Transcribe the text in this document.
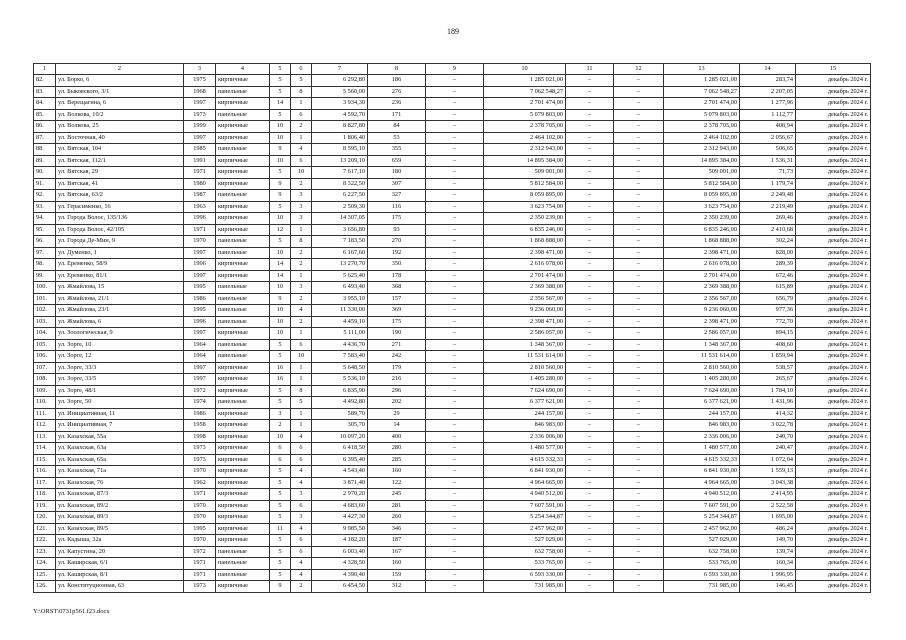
189
1	2	3	4	5	6	7	8	9	10	11	12	13	14	15
82.	ул. Борко, 6	1975	кирпичные	5	5	6 292,80	186	–	1 285 021,00	–	–	1 285 021,00	283,74	декабрь 2024 г.
83.	ул. Быковского, 3/1	1968	панельные	5	8	5 560,00	276	–	7 062 548,27	–	–	7 062 548,27	2 207,05	декабрь 2024 г.
84.	ул. Верещагина, 6	1997	кирпичные	14	1	3 934,30	236	–	2 701 474,00	–	–	2 701 474,00	1 277,96	декабрь 2024 г.
85.	ул. Волкова, 10/2	1973	панельные	5	6	4 592,70	171	–	5 079 803,00	–	–	5 079 803,00	1 112,77	декабрь 2024 г.
86.	ул. Волкова, 25	1999	кирпичные	10	2	8 827,80	84	–	2 378 705,00	–	–	2 378 705,00	408,94	декабрь 2024 г.
87.	ул. Восточная, 40	1997	кирпичные	10	1	1 806,40	53	–	2 464 102,00	–	–	2 464 102,00	2 056,67	декабрь 2024 г.
88.	ул. Вятская, 104	1985	панельные	9	4	8 595,10	355	–	2 312 943,00	–	–	2 312 943,00	506,65	декабрь 2024 г.
89.	ул. Вятская, 112/1	1991	кирпичные	10	6	13 209,10	659	–	14 895 384,00	–	–	14 895 384,00	1 536,31	декабрь 2024 г.
90.	ул. Вятская, 29	1971	кирпичные	5	10	7 617,10	180	–	509 001,00	–	–	509 001,00	71,73	декабрь 2024 г.
91.	ул. Вятская, 41	1980	кирпичные	9	2	8 322,50	307	–	5 812 584,00	–	–	5 812 584,00	1 179,74	декабрь 2024 г.
92.	ул. Вятская, 63/2	1987	панельные	9	3	6 227,50	327	–	8 059 895,00	–	–	8 059 895,00	2 249,48	декабрь 2024 г.
93.	ул. Герасименко, 16	1963	кирпичные	5	3	2 509,30	116	–	3 623 754,00	–	–	3 623 754,00	2 219,49	декабрь 2024 г.
94.	ул. Города Волос, 135/136	1996	кирпичные	10	3	14 307,05	175	–	2 350 239,00	–	–	2 350 239,00	269,46	декабрь 2024 г.
95.	ул. Города Волос, 42/105	1971	кирпичные	12	1	3 656,80	93	–	6 835 246,00	–	–	6 835 246,00	2 410,68	декабрь 2024 г.
96.	ул. Города Де-Мин, 9	1970	панельные	5	8	7 183,50	270	–	1 868 888,00	–	–	1 868 888,00	302,24	декабрь 2024 г.
97.	ул. Думенко, 1	1997	панельные	10	2	6 167,60	192	–	2 398 471,00	–	–	2 398 471,00	828,00	декабрь 2024 г.
98.	ул. Еременко, 58/9	1996	кирпичные	14	2	13 270,70	350	–	2 616 078,00	–	–	2 616 078,00	289,39	декабрь 2024 г.
99.	ул. Еременко, 81/1	1997	кирпичные	14	1	5 625,40	178	–	2 701 474,00	–	–	2 701 474,00	672,46	декабрь 2024 г.
100.	ул. Жмайлова, 15	1995	панельные	10	3	6 493,40	368	–	2 369 388,00	–	–	2 369 388,00	615,89	декабрь 2024 г.
101.	ул. Жмайлова, 21/1	1986	панельные	9	2	3 955,10	157	–	2 356 567,00	–	–	2 356 567,00	656,79	декабрь 2024 г.
102.	ул. Жмайлова, 23/1	1995	панельные	10	4	11 330,00	369	–	9 236 060,00	–	–	9 236 060,00	977,36	декабрь 2024 г.
103.	ул. Жмайлова, 6	1996	панельные	10	2	4 459,10	175	–	2 398 471,00	–	–	2 398 471,00	772,70	декабрь 2024 г.
104.	ул. Зоологическая, 9	1997	кирпичные	10	1	5 111,00	190	–	2 586 057,00	–	–	2 586 057,00	894,15	декабрь 2024 г.
105.	ул. Зорге, 10	1964	панельные	5	6	4 436,70	271	–	1 348 367,00	–	–	1 348 367,00	408,60	декабрь 2024 г.
106.	ул. Зорге, 12	1964	панельные	5	10	7 583,40	242	–	11 531 614,00	–	–	11 531 614,00	1 859,94	декабрь 2024 г.
107.	ул. Зорге, 33/3	1997	кирпичные	16	1	5 648,50	179	–	2 810 560,00	–	–	2 810 560,00	538,57	декабрь 2024 г.
108.	ул. Зорге, 33/5	1997	кирпичные	16	1	5 536,10	216	–	1 405 280,00	–	–	1 405 280,00	265,67	декабрь 2024 г.
109.	ул. Зорге, 48/1	1972	кирпичные	5	8	6 835,90	296	–	7 624 690,00	–	–	7 624 690,00	1 784,10	декабрь 2024 г.
110.	ул. Зорге, 50	1974	панельные	5	5	4 492,80	202	–	6 377 621,00	–	–	6 377 621,00	1 431,96	декабрь 2024 г.
111.	ул. Инициативная, 11	1986	кирпичные	3	1	589,70	29	–	244 157,00	–	–	244 157,00	414,32	декабрь 2024 г.
112.	ул. Инициативная, 7	1958	кирпичные	2	1	305,70	14	–	846 983,00	–	–	846 983,00	3 022,78	декабрь 2024 г.
113.	ул. Казахская, 55а	1998	кирпичные	10	4	10 097,20	400	–	2 336 006,00	–	–	2 336 006,00	240,70	декабрь 2024 г.
114.	ул. Казахская, 63а	1973	кирпичные	6	6	6 418,50	280	–	1 480 577,00	–	–	1 480 577,00	240,47	декабрь 2024 г.
115.	ул. Казахская, 65а	1973	кирпичные	6	6	6 395,40	285	–	4 615 332,33	–	–	4 615 332,33	1 072,04	декабрь 2024 г.
116.	ул. Казахская, 71а	1970	кирпичные	5	4	4 543,40	160	–	6 841 930,00	–	–	6 841 930,00	1 559,13	декабрь 2024 г.
117.	ул. Казахская, 76	1962	кирпичные	5	4	3 871,40	122	–	4 964 665,00	–	–	4 964 665,00	3 043,38	декабрь 2024 г.
118.	ул. Казахская, 87/3	1971	кирпичные	5	3	2 970,20	245	–	4 940 512,00	–	–	4 940 512,00	2 414,95	декабрь 2024 г.
119.	ул. Казахская, 89/2	1970	кирпичные	5	6	4 683,60	281	–	7 607 591,00	–	–	7 607 591,00	2 522,58	декабрь 2024 г.
120.	ул. Казахская, 89/3	1970	кирпичные	5	3	4 427,30	260	–	5 254 344,87	–	–	5 254 344,87	1 695,00	декабрь 2024 г.
121.	ул. Казахская, 89/5	1995	кирпичные	11	4	9 985,50	346	–	2 457 962,00	–	–	2 457 962,00	486,24	декабрь 2024 г.
122.	ул. Кадыша, 32а	1970	кирпичные	5	6	4 182,20	187	–	527 029,00	–	–	527 029,00	149,70	декабрь 2024 г.
123.	ул. Капустина, 20	1972	панельные	5	6	6 003,40	167	–	632 758,00	–	–	632 758,00	139,74	декабрь 2024 г.
124.	ул. Каширская, 6/1	1971	панельные	5	4	4 328,50	160	–	533 765,00	–	–	533 765,00	160,34	декабрь 2024 г.
125.	ул. Каширская, 8/1	1971	панельные	5	4	4 390,40	159	–	6 593 330,00	–	–	6 593 330,00	1 996,95	декабрь 2024 г.
126.	ул. Конституционная, 63	1973	кирпичные	9	2	6 454,50	312	–	731 985,00	–	–	731 985,00	146,45	декабрь 2024 г.
Y:\ORST\0731p561.f23.docx
